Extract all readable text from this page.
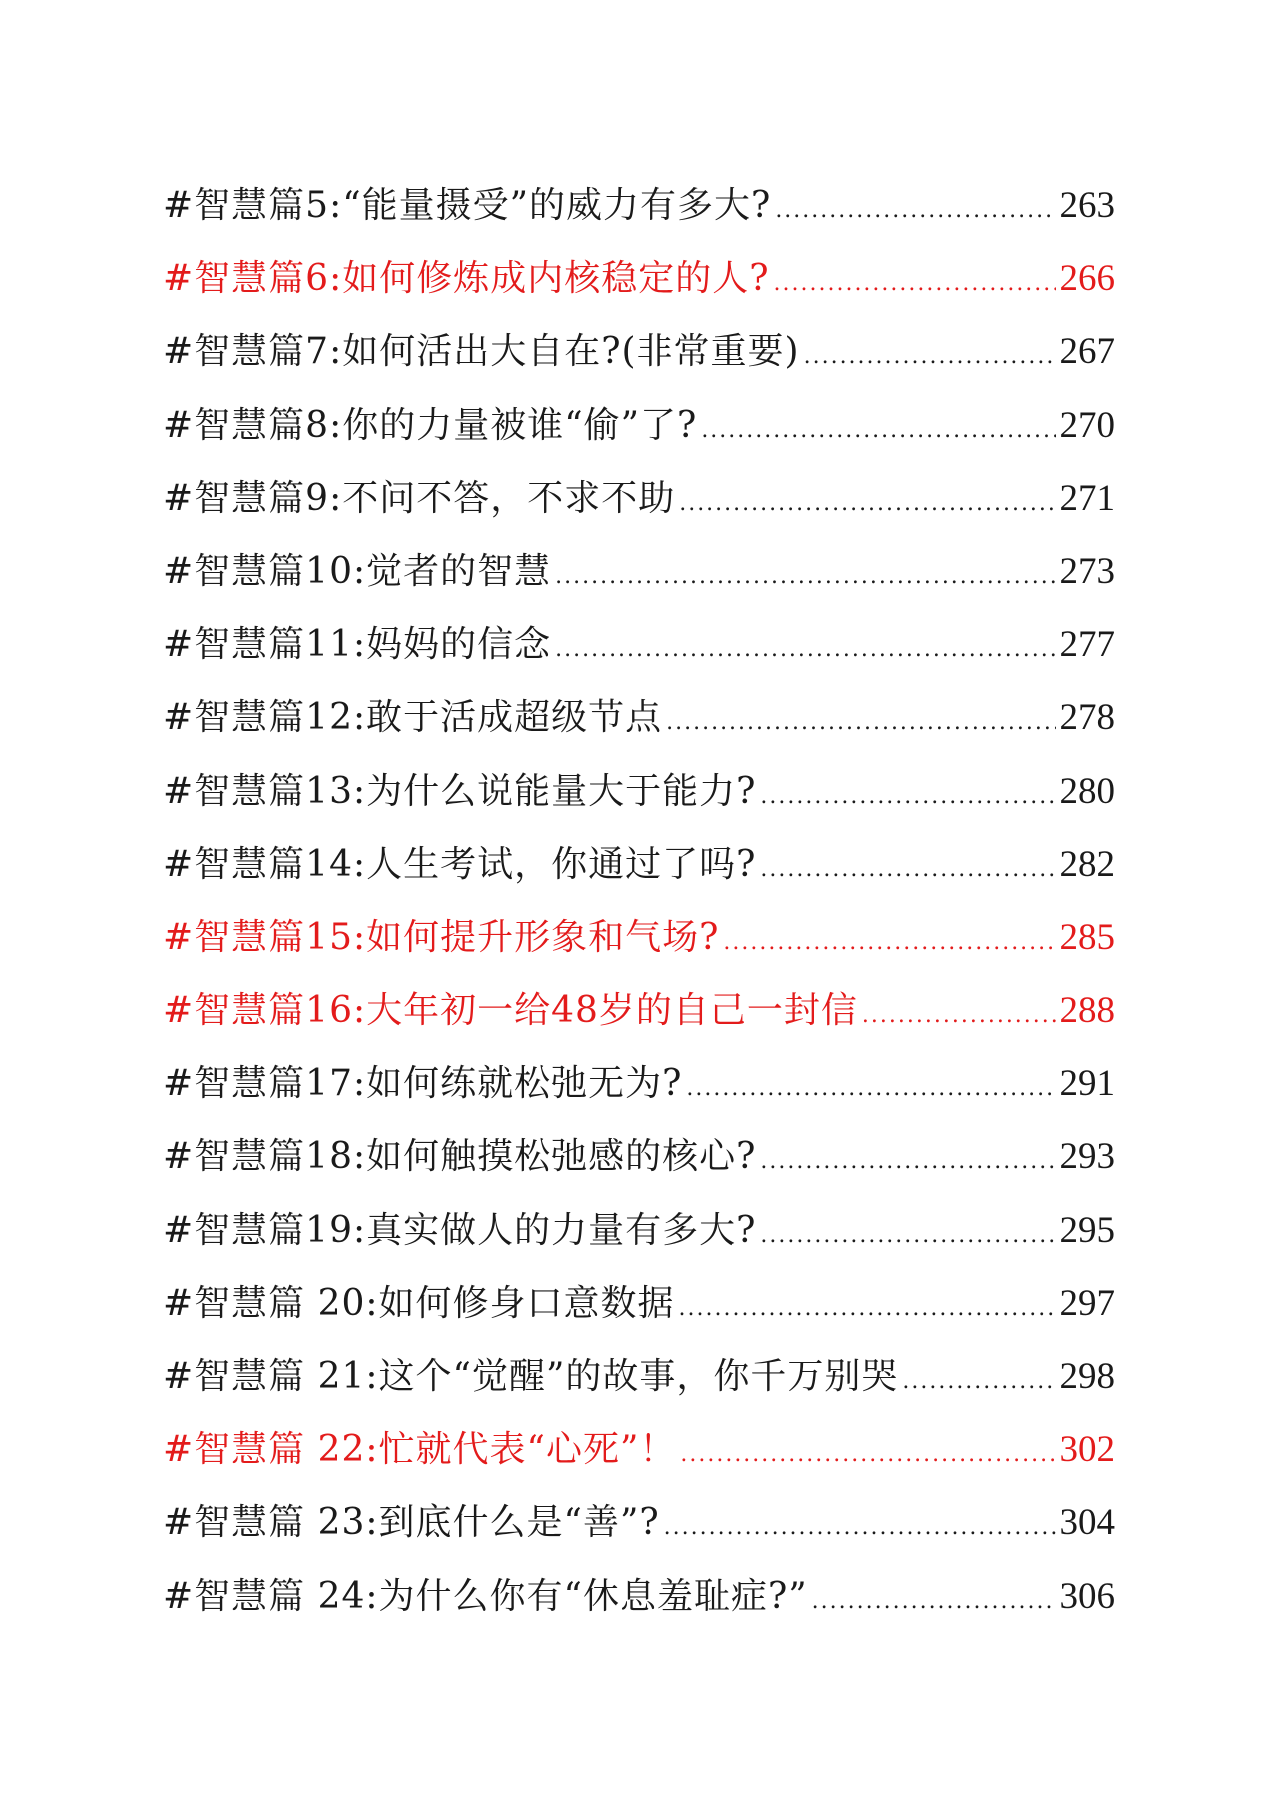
#智慧篇5:“能量摄受”的威力有多大? .....	263
#智慧篇6:如何修炼成内核稳定的人? .....	266
#智慧篇7:如何活出大自在?(非常重要) .....	267
#智慧篇8:你的力量被谁“偷”了? .....	270
#智慧篇9:不问不答，不求不助 .....	271
#智慧篇10:觉者的智慧 .....	273
#智慧篇11:妈妈的信念 .....	277
#智慧篇12:敢于活成超级节点 .....	278
#智慧篇13:为什么说能量大于能力? .....	280
#智慧篇14:人生考试，你通过了吗? .....	282
#智慧篇15:如何提升形象和气场? .....	285
#智慧篇16:大年初一给48岁的自己一封信 .....	288
#智慧篇17:如何练就松弛无为? .....	291
#智慧篇18:如何触摸松弛感的核心? .....	293
#智慧篇19:真实做人的力量有多大? .....	295
#智慧篇 20:如何修身口意数据 .....	297
#智慧篇 21:这个“觉醒”的故事，你千万别哭 .....	298
#智慧篇 22:忙就代表“心死”！ .....	302
#智慧篇 23:到底什么是“善”? .....	304
#智慧篇 24:为什么你有“休息羞耻症?” .....	306
